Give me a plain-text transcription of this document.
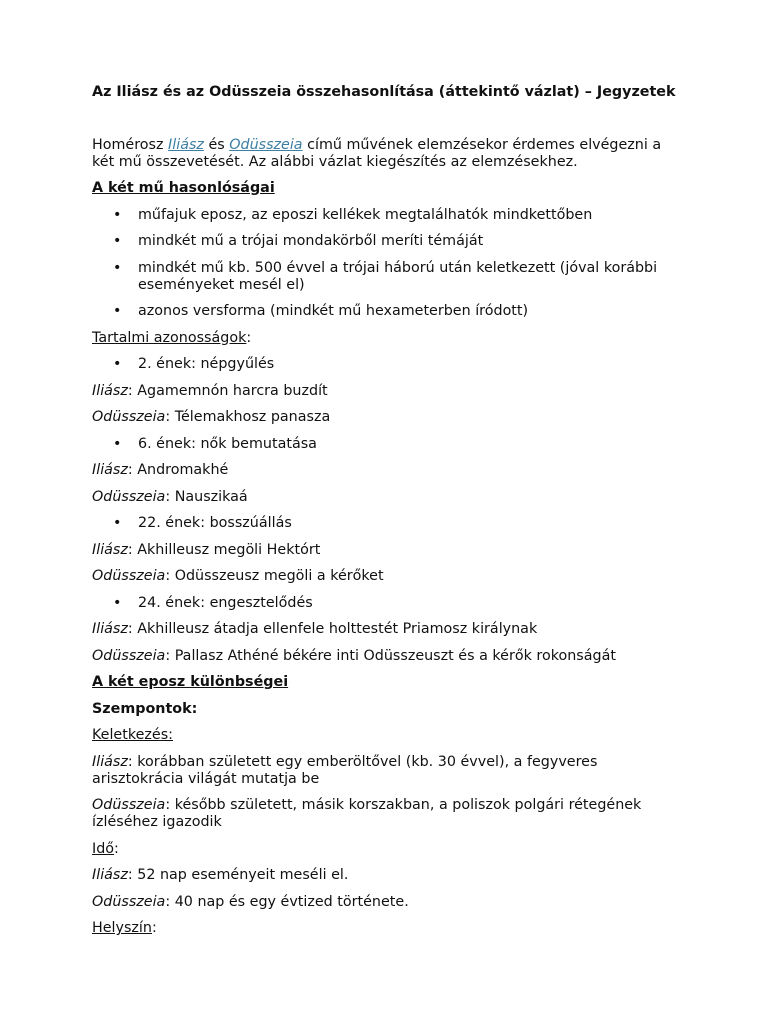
Az Iliász és az Odüsszeia összehasonlítása (áttekintő vázlat) – Jegyzetek

Homérosz Iliász és Odüsszeia című művének elemzésekor érdemes elvégezni a két mű összevetését. Az alábbi vázlat kiegészítés az elemzésekhez.

A két mű hasonlóságai

• műfajuk eposz, az eposzi kellékek megtalálhatók mindkettőben
• mindkét mű a trójai mondakörből meríti témáját
• mindkét mű kb. 500 évvel a trójai háború után keletkezett (jóval korábbi eseményeket mesél el)
• azonos versforma (mindkét mű hexameterben íródott)

Tartalmi azonosságok:

• 2. ének: népgyűlés

Iliász: Agamemnón harcra buzdít

Odüsszeia: Télemakhosz panasza

• 6. ének: nők bemutatása

Iliász: Andromakhé

Odüsszeia: Nauszikaá

• 22. ének: bosszúállás

Iliász: Akhilleusz megöli Hektórt

Odüsszeia: Odüsszeusz megöli a kérőket

• 24. ének: engesztelődés

Iliász: Akhilleusz átadja ellenfele holttestét Priamosz királynak

Odüsszeia: Pallasz Athéné békére inti Odüsszeuszt és a kérők rokonságát

A két eposz különbségei

Szempontok:

Keletkezés:

Iliász: korábban született egy emberöltővel (kb. 30 évvel), a fegyveres arisztokrácia világát mutatja be

Odüsszeia: később született, másik korszakban, a poliszok polgári rétegének ízléséhez igazodik

Idő:

Iliász: 52 nap eseményeit meséli el.

Odüsszeia: 40 nap és egy évtized története.

Helyszín:
